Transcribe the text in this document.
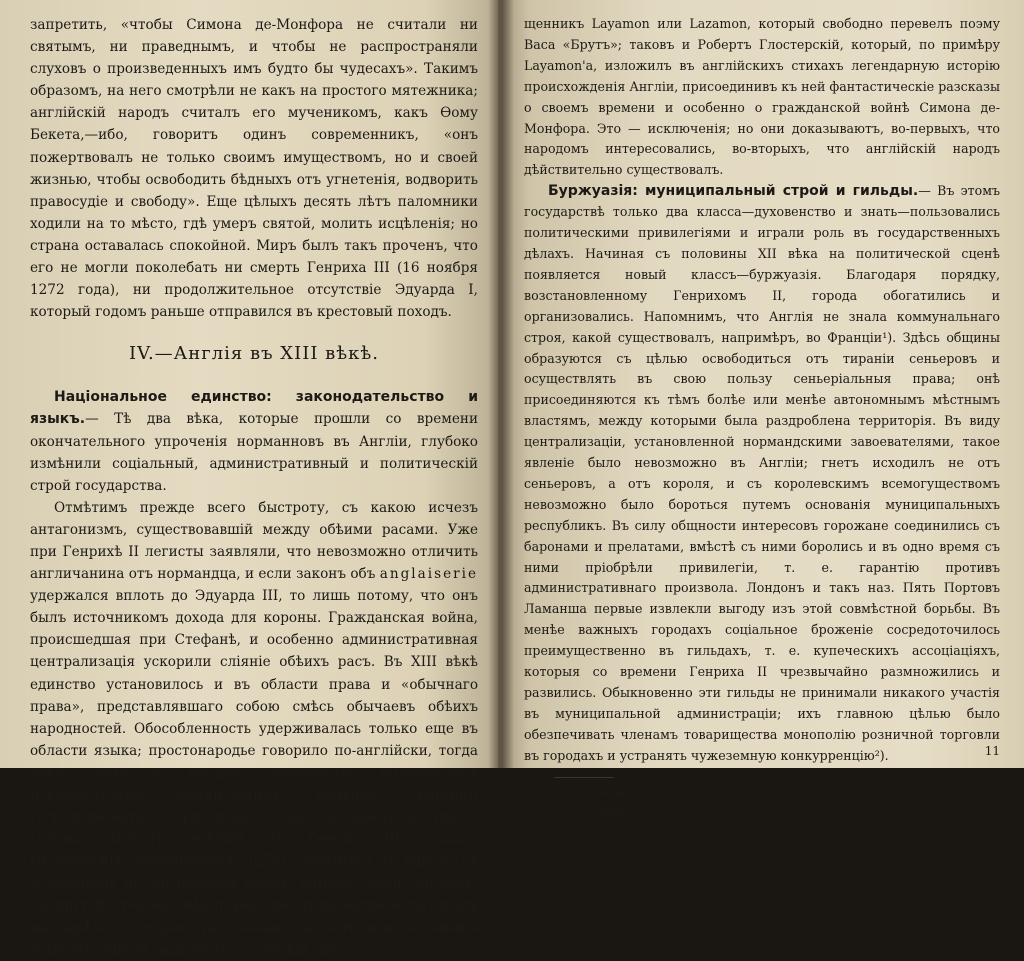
запретить, «чтобы Симона де-Монфора не считали ни святымъ, ни праведнымъ, и чтобы не распространяли слуховъ о произведенныхъ имъ будто бы чудесахъ». Такимъ образомъ, на него смотрѣли не какъ на простого мятежника; англійскій народъ считалъ его мученикомъ, какъ Ѳому Бекета,—ибо, говоритъ одинъ современникъ, «онъ пожертвовалъ не только своимъ имуществомъ, но и своей жизнью, чтобы освободить бѣдныхъ отъ угнетенія, водворить правосудіе и свободу». Еще цѣлыхъ десять лѣтъ паломники ходили на то мѣсто, гдѣ умеръ святой, молить исцѣленія; но страна оставалась спокойной. Миръ былъ такъ проченъ, что его не могли поколебать ни смерть Генриха III (16 ноября 1272 года), ни продолжительное отсутствіе Эдуарда I, который годомъ раньше отправился въ крестовый походъ.

IV.—Англія въ XIII вѣкѣ.

Національное единство: законодательство и языкъ.— Тѣ два вѣка, которые прошли со времени окончательного упроченія норманновъ въ Англіи, глубоко измѣнили соціальный, административный и политическій строй государства.

Отмѣтимъ прежде всего быстроту, съ какою исчезъ антагонизмъ, существовавшій между обѣими расами. Уже при Генрихѣ II легисты заявляли, что невозможно отличить англичанина отъ нормандца, и если законъ объ anglaiserie удержался вплоть до Эдуарда III, то лишь потому, что онъ былъ источникомъ дохода для короны. Гражданская война, происшедшая при Стефанѣ, и особенно административная централизація ускорили сліяніе обѣихъ расъ. Въ XIII вѣкѣ единство установилось и въ области права и «обычнаго права», представлявшаго собою смѣсь обычаевъ обѣихъ народностей. Обособленность удерживалась только еще въ области языка; простонародье говорило по-англійски, тогда какъ знать и высшее духовенство пользовались исключительно французскимъ языкомъ, который господствовалъ и при дворѣ, и въ королевскихъ судахъ. Однако слѣдуетъ замѣтить, что Генрихъ III, издавая Оксфордскія постановленія (1258), обратился къ народу съ воззваніемъ на англійскомъ языкѣ, которое дошло до насъ. Съ другой стороны, нѣкоторые писатели начинаютъ писать на нарѣчіи, которое уже можно назвать національнымъ языкомъ; таковъ, напримѣръ, уэльскій свя-

щенникъ Layamon или Lazamon, который свободно перевелъ поэму Васа «Брутъ»; таковъ и Робертъ Глостерскій, который, по примѣру Layamon'а, изложилъ въ англійскихъ стихахъ легендарную исторію происхожденія Англіи, присоединивъ къ ней фантастическіе разсказы о своемъ времени и особенно о гражданской войнѣ Симона де-Монфора. Это — исключенія; но они доказываютъ, во-первыхъ, что народомъ интересовались, во-вторыхъ, что англійскій народъ дѣйствительно существовалъ.

Буржуазія: муниципальный строй и гильды.— Въ этомъ государствѣ только два класса—духовенство и знать—пользовались политическими привилегіями и играли роль въ государственныхъ дѣлахъ. Начиная съ половины XII вѣка на политической сценѣ появляется новый классъ—буржуазія. Благодаря порядку, возстановленному Генрихомъ II, города обогатились и организовались. Напомнимъ, что Англія не знала коммунальнаго строя, какой существовалъ, напримѣръ, во Франціи¹). Здѣсь общины образуются съ цѣлью освободиться отъ тираніи сеньеровъ и осуществлять въ свою пользу сеньеріальныя права; онѣ присоединяются къ тѣмъ болѣе или менѣе автономнымъ мѣстнымъ властямъ, между которыми была раздроблена территорія. Въ виду централизаціи, установленной нормандскими завоевателями, такое явленіе было невозможно въ Англіи; гнетъ исходилъ не отъ сеньеровъ, а отъ короля, и съ королевскимъ всемогуществомъ невозможно было бороться путемъ основанія муниципальныхъ республикъ. Въ силу общности интересовъ горожане соединились съ баронами и прелатами, вмѣстѣ съ ними боролись и въ одно время съ ними пріобрѣли привилегіи, т. е. гарантію противъ административнаго произвола. Лондонъ и такъ наз. Пять Портовъ Ламанша первые извлекли выгоду изъ этой совмѣстной борьбы. Въ менѣе важныхъ городахъ соціальное броженіе сосредоточилось преимущественно въ гильдахъ, т. е. купеческихъ ассоціаціяхъ, которыя со времени Генриха II чрезвычайно размножились и развились. Обыкновенно эти гильды не принимали никакого участія въ муниципальной администраціи; ихъ главною цѣлью было обезпечивать членамъ товарищества монополію розничной торговли въ городахъ и устранять чужеземную конкурренцію²).

¹) См. выше, гл. VIII.
²) См. выше, гл. IX.
11
